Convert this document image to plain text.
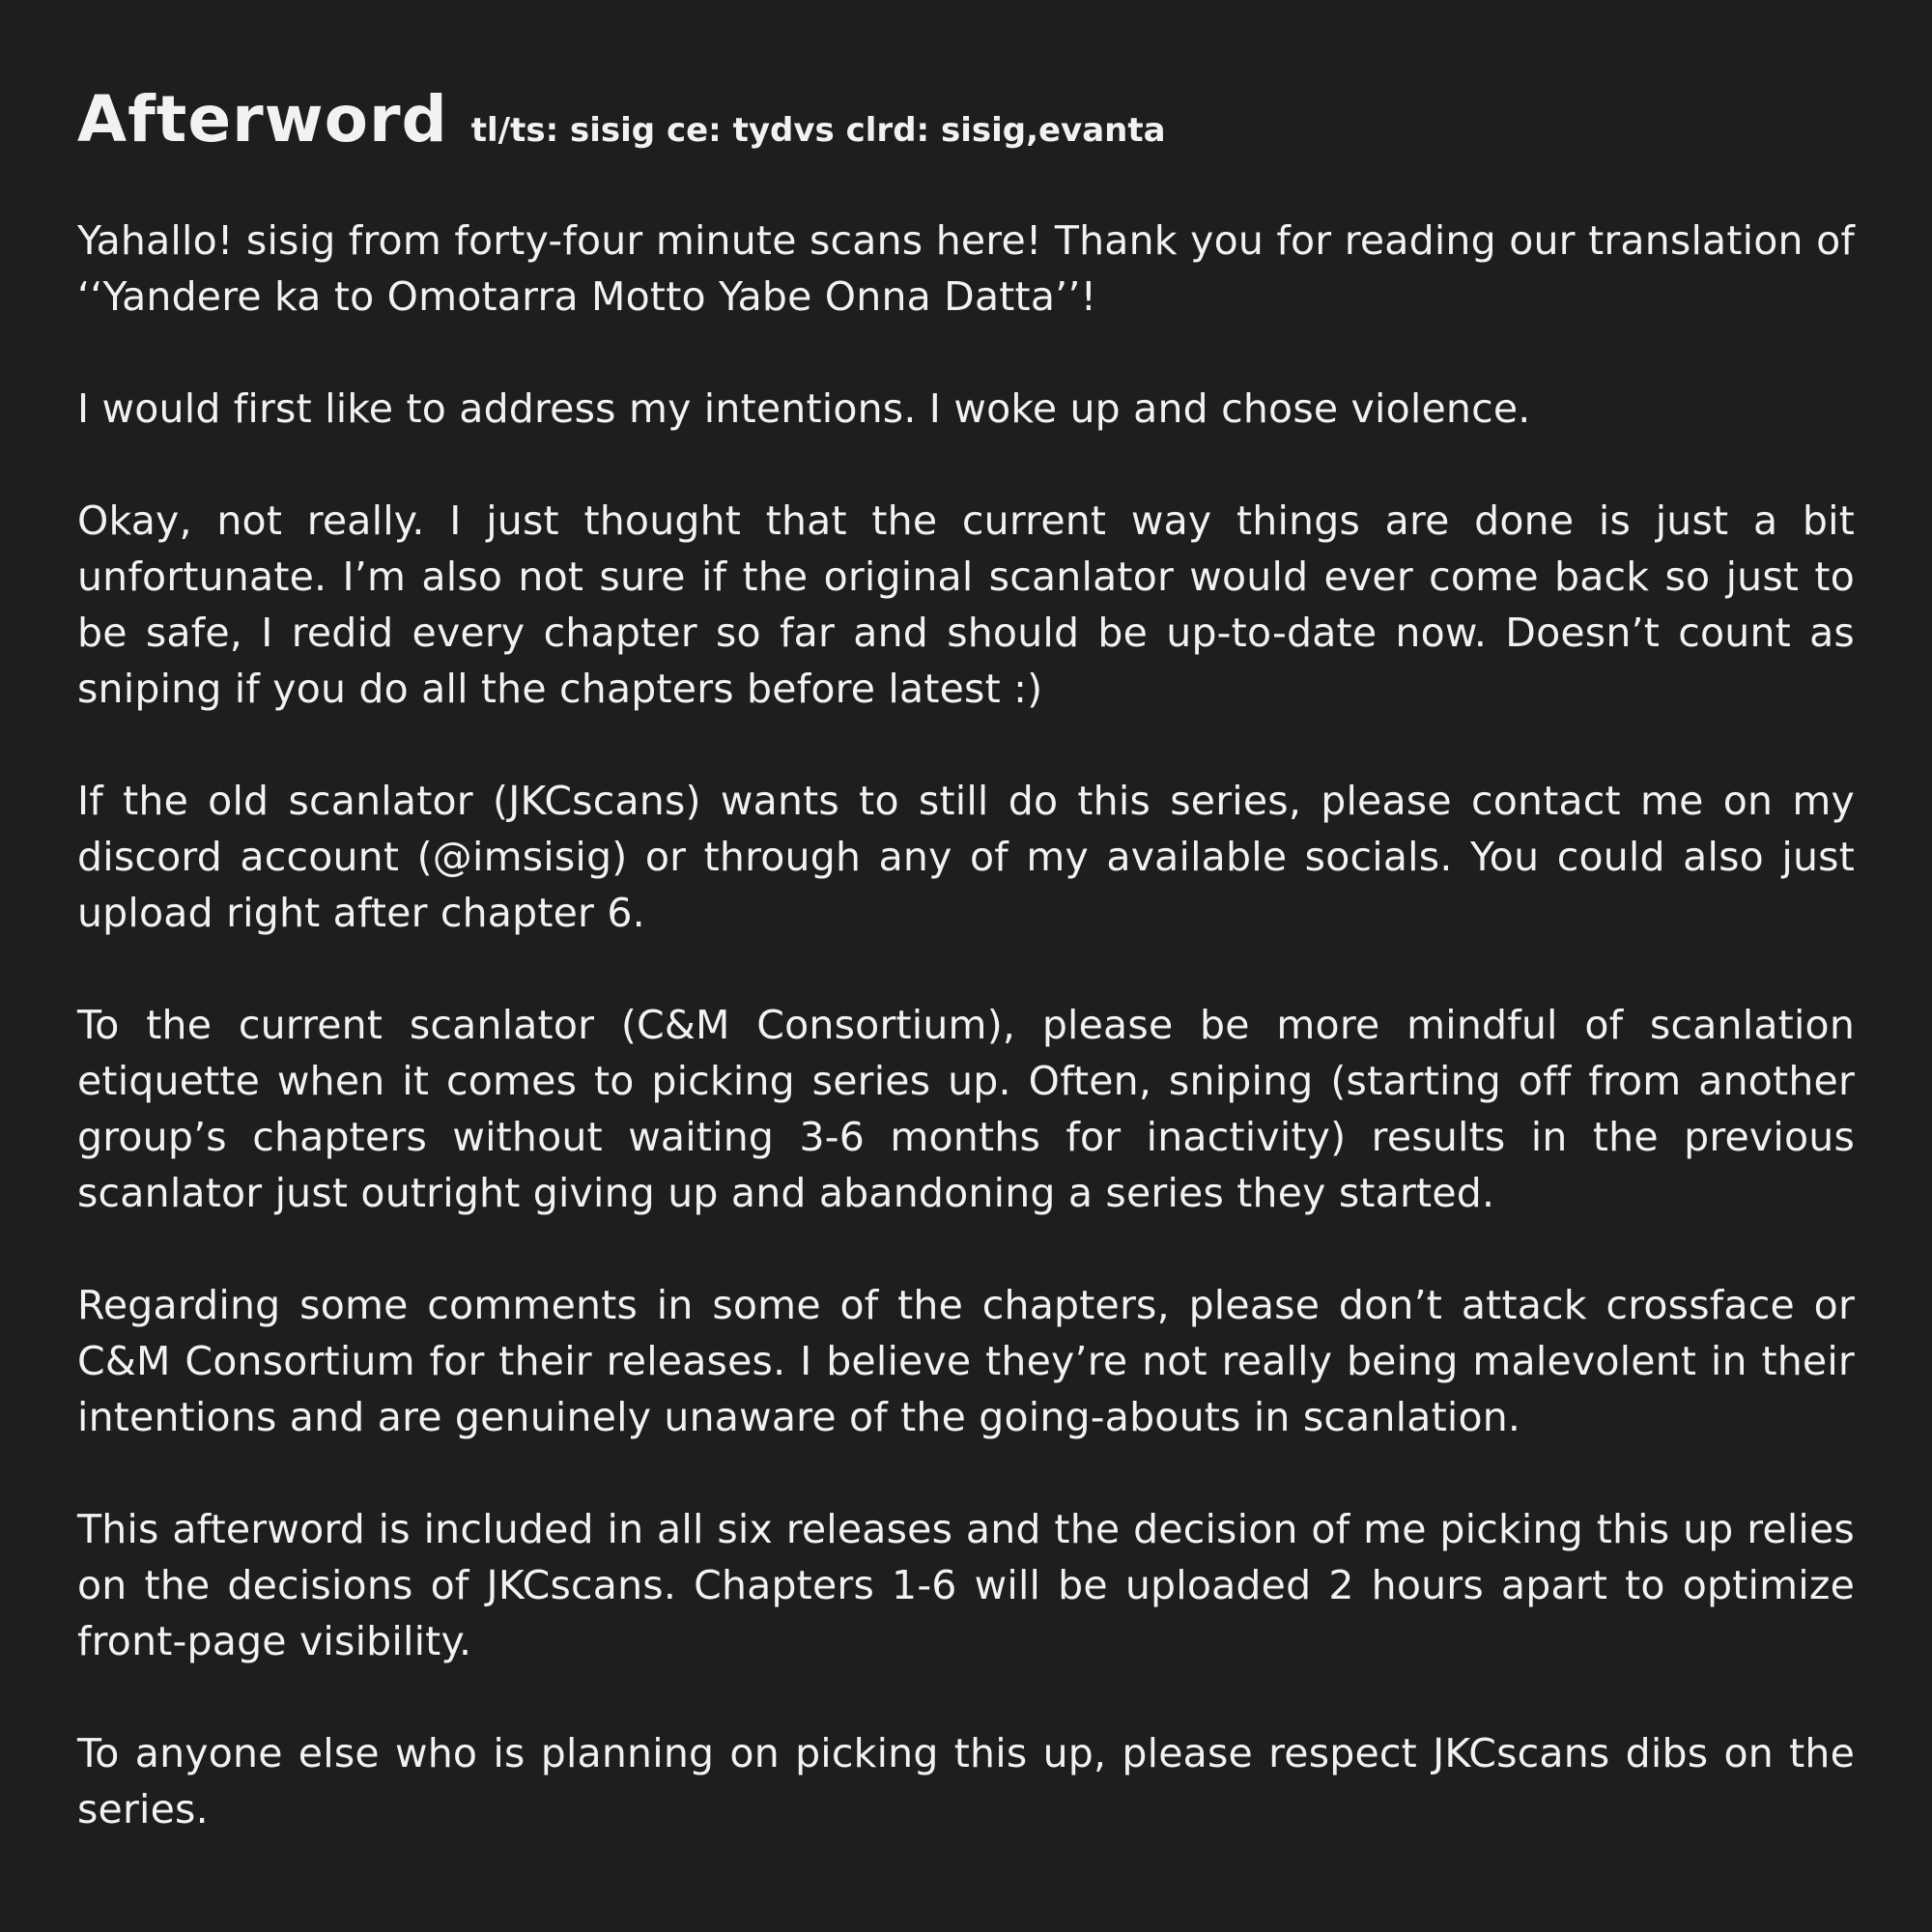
Afterword tl/ts: sisig ce: tydvs clrd: sisig,evanta

Yahallo! sisig from forty-four minute scans here! Thank you for reading our translation of ‘‘Yandere ka to Omotarra Motto Yabe Onna Datta’’!

I would first like to address my intentions. I woke up and chose violence.

Okay, not really. I just thought that the current way things are done is just a bit unfortunate. I’m also not sure if the original scanlator would ever come back so just to be safe, I redid every chapter so far and should be up-to-date now. Doesn’t count as sniping if you do all the chapters before latest :)

If the old scanlator (JKCscans) wants to still do this series, please contact me on my discord account (@imsisig) or through any of my available socials. You could also just upload right after chapter 6.

To the current scanlator (C&M Consortium), please be more mindful of scanlation etiquette when it comes to picking series up. Often, sniping (starting off from another group’s chapters without waiting 3-6 months for inactivity) results in the previous scanlator just outright giving up and abandoning a series they started.

Regarding some comments in some of the chapters, please don’t attack crossface or C&M Consortium for their releases. I believe they’re not really being malevolent in their intentions and are genuinely unaware of the going-abouts in scanlation.

This afterword is included in all six releases and the decision of me picking this up relies on the decisions of JKCscans. Chapters 1-6 will be uploaded 2 hours apart to optimize front-page visibility.

To anyone else who is planning on picking this up, please respect JKCscans dibs on the series.
